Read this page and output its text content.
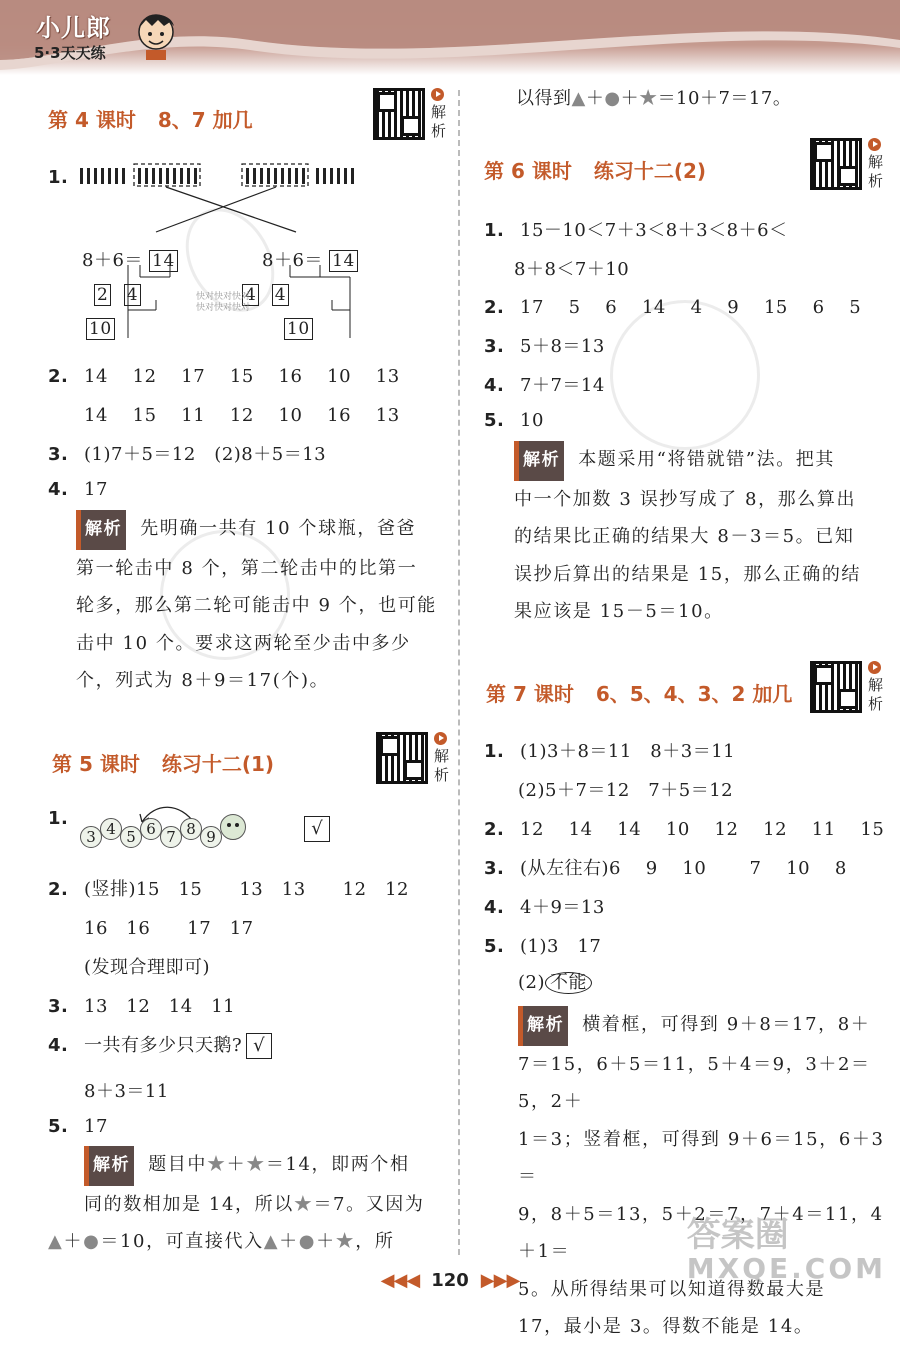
小儿郎
5·3天天练
第 4 课时 8、7 加几	解析
1.
8＋6＝ 14
2 4
10
8＋6＝ 14
4 4
10
快对快对快对
快对快对快对
2. 14　 12　 17　 15　 16　 10　 13
14　 15　 11　 12　 10　 16　 13
3. (1)7＋5＝12　(2)8＋5＝13
4. 17
解析 先明确一共有 10 个球瓶，爸爸
第一轮击中 8 个，第二轮击中的比第一
轮多，那么第二轮可能击中 9 个，也可能
击中 10 个。要求这两轮至少击中多少
个，列式为 8＋9＝17(个)。
第 5 课时 练习十二(1)	解析
1.
3 4 5 6 7 8 9	√
2. (竖排)15　15　　13　13　　12　12
16　16　　17　17
(发现合理即可)
3. 13　12　14　11
4. 一共有多少只天鹅? √
8＋3＝11
5. 17
解析 题目中★＋★＝14，即两个相
同的数相加是 14，所以★＝7。又因为
▲＋●＝10，可直接代入▲＋●＋★，所
以得到▲＋●＋★＝10＋7＝17。
第 6 课时 练习十二(2)	解析
1. 15－10＜7＋3＜8＋3＜8＋6＜
8＋8＜7＋10
2. 17　 5　 6　 14　 4　 9　 15　 6　 5
3. 5＋8＝13
4. 7＋7＝14
5. 10
解析 本题采用“将错就错”法。把其
中一个加数 3 误抄写成了 8，那么算出
的结果比正确的结果大 8－3＝5。已知
误抄后算出的结果是 15，那么正确的结
果应该是 15－5＝10。
第 7 课时 6、5、4、3、2 加几	解析
1. (1)3＋8＝11　8＋3＝11
(2)5＋7＝12　7＋5＝12
2. 12　 14　 14　 10　 12　 12　 11　 15
3. (从左往右)6　 9　 10　　 7　 10　 8
4. 4＋9＝13
5. (1)3　17
(2) 不能
解析 横着框，可得到 9＋8＝17，8＋
7＝15，6＋5＝11，5＋4＝9，3＋2＝5，2＋
1＝3；竖着框，可得到 9＋6＝15，6＋3＝
9，8＋5＝13，5＋2＝7，7＋4＝11，4＋1＝
5。从所得结果可以知道得数最大是
17，最小是 3。得数不能是 14。
答案圈
MXQE.COM
◀◀◀ 120 ▶▶▶
